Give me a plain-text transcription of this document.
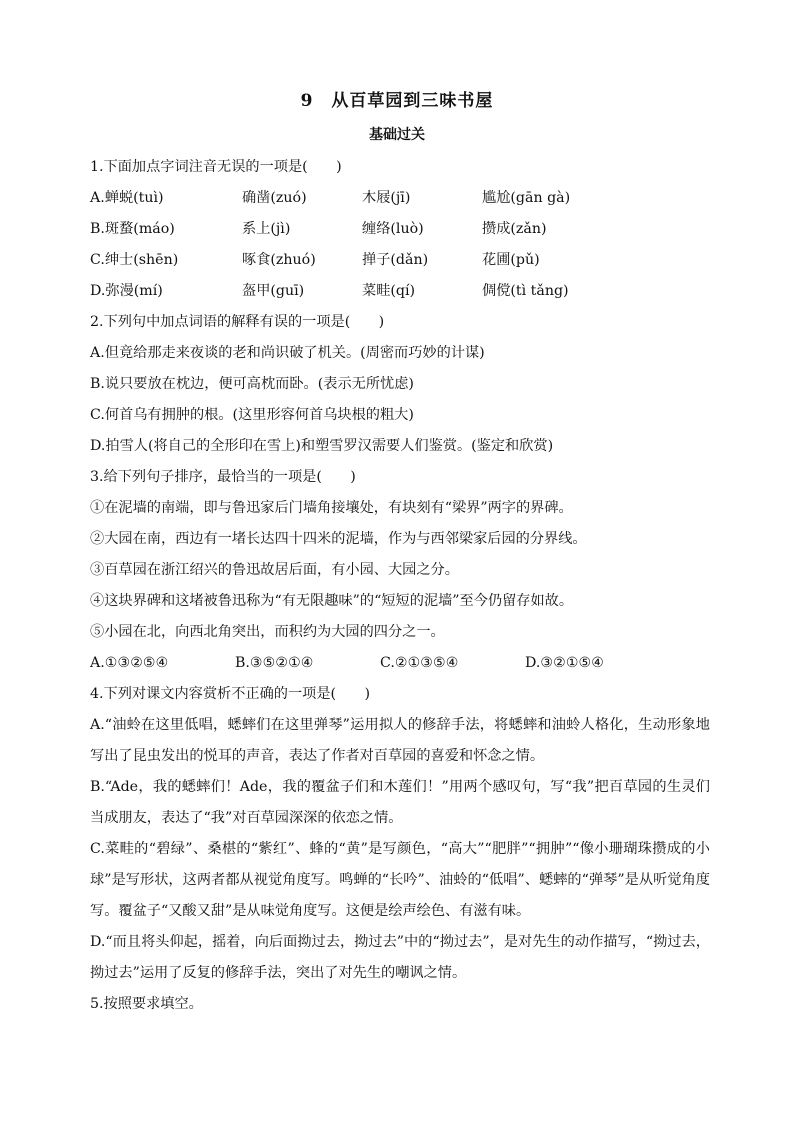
9　从百草园到三味书屋
基础过关
1.下面加点字词注音无误的一项是(　　)
A.蝉蜕(tuì)	确凿(zuó)	木屐(jī)	尴尬(gān gà)
B.斑蝥(máo)	系上(jì)	缠络(luò)	攒成(zǎn)
C.绅士(shēn)	啄食(zhuó)	掸子(dǎn)	花圃(pǔ)
D.弥漫(mí)	盔甲(guī)	菜畦(qí)	倜傥(tì tǎng)
2.下列句中加点词语的解释有误的一项是(　　)
A.但竟给那走来夜谈的老和尚识破了机关。(周密而巧妙的计谋)
B.说只要放在枕边，便可高枕而卧。(表示无所忧虑)
C.何首乌有拥肿的根。(这里形容何首乌块根的粗大)
D.拍雪人(将自己的全形印在雪上)和塑雪罗汉需要人们鉴赏。(鉴定和欣赏)
3.给下列句子排序，最恰当的一项是(　　)
①在泥墙的南端，即与鲁迅家后门墙角接壤处，有块刻有“梁界”两字的界碑。
②大园在南，西边有一堵长达四十四米的泥墙，作为与西邻梁家后园的分界线。
③百草园在浙江绍兴的鲁迅故居后面，有小园、大园之分。
④这块界碑和这堵被鲁迅称为“有无限趣味”的“短短的泥墙”至今仍留存如故。
⑤小园在北，向西北角突出，而积约为大园的四分之一。
A.①③②⑤④	B.③⑤②①④	C.②①③⑤④	D.③②①⑤④
4.下列对课文内容赏析不正确的一项是(　　)
A.“油蛉在这里低唱，蟋蟀们在这里弹琴”运用拟人的修辞手法，将蟋蟀和油蛉人格化，生动形象地写出了昆虫发出的悦耳的声音，表达了作者对百草园的喜爱和怀念之情。
B.“Ade，我的蟋蟀们！Ade，我的覆盆子们和木莲们！”用两个感叹句，写“我”把百草园的生灵们当成朋友，表达了“我”对百草园深深的依恋之情。
C.菜畦的“碧绿”、桑椹的“紫红”、蜂的“黄”是写颜色，“高大”“肥胖”“拥肿”“像小珊瑚珠攒成的小球”是写形状，这两者都从视觉角度写。鸣蝉的“长吟”、油蛉的“低唱”、蟋蟀的“弹琴”是从听觉角度写。覆盆子“又酸又甜”是从味觉角度写。这便是绘声绘色、有滋有味。
D.“而且将头仰起，摇着，向后面拗过去，拗过去”中的“拗过去”，是对先生的动作描写，“拗过去，拗过去”运用了反复的修辞手法，突出了对先生的嘲讽之情。
5.按照要求填空。
